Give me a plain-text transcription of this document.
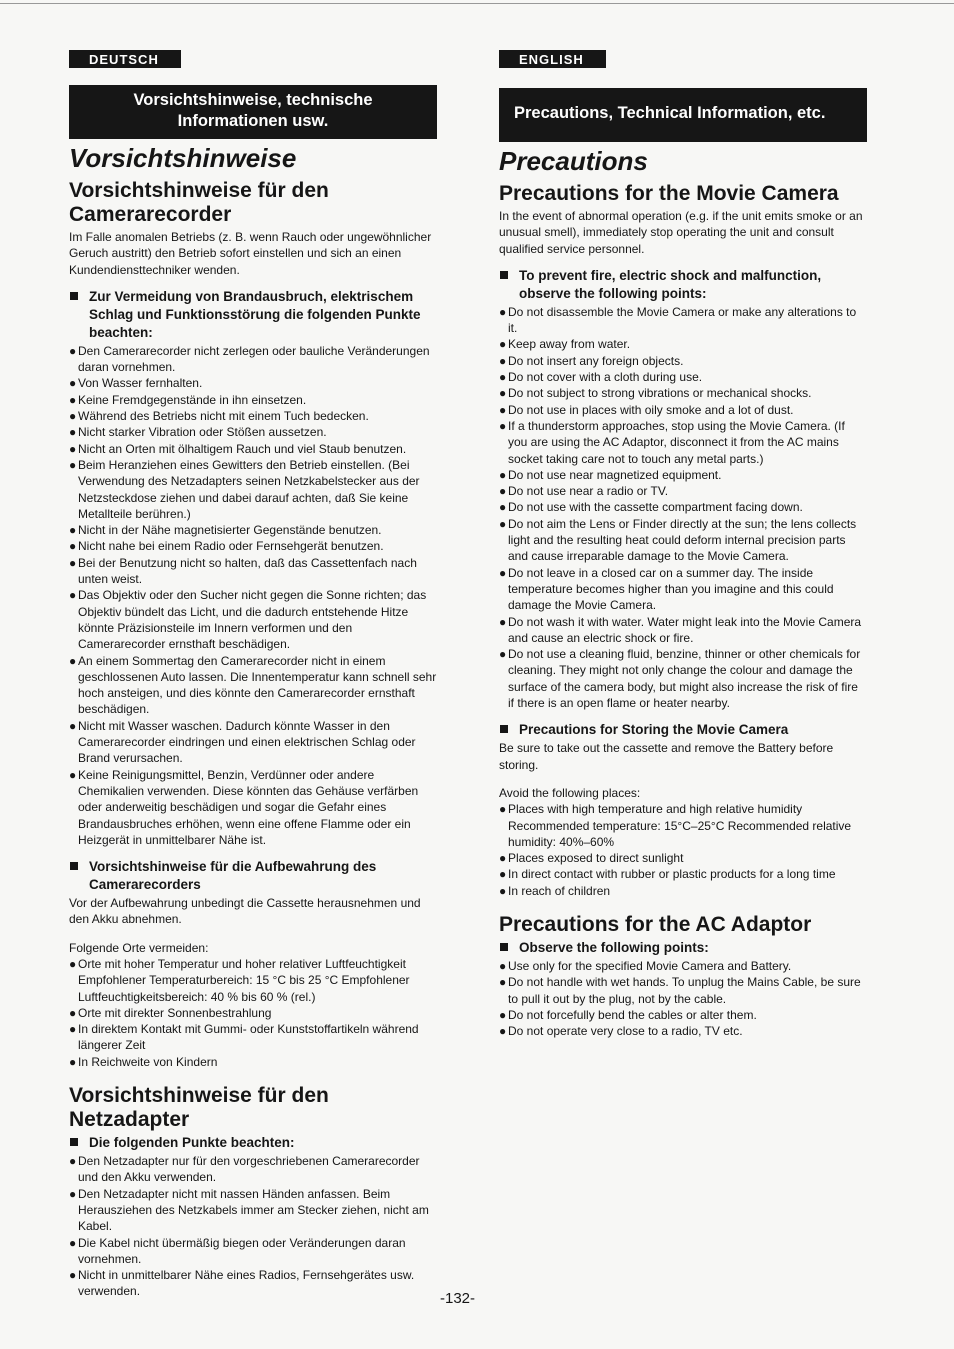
DEUTSCH
Vorsichtshinweise, technische Informationen usw.
Vorsichtshinweise
Vorsichtshinweise für den Camerarecorder

Im Falle anomalen Betriebs (z. B. wenn Rauch oder ungewöhnlicher Geruch austritt) den Betrieb sofort einstellen und sich an einen Kundendiensttechniker wenden.

Zur Vermeidung von Brandausbruch, elektrischem Schlag und Funktionsstörung die folgenden Punkte beachten:
● Den Camerarecorder nicht zerlegen oder bauliche Veränderungen daran vornehmen.
● Von Wasser fernhalten.
● Keine Fremdgegenstände in ihn einsetzen.
● Während des Betriebs nicht mit einem Tuch bedecken.
● Nicht starker Vibration oder Stößen aussetzen.
● Nicht an Orten mit ölhaltigem Rauch und viel Staub benutzen.
● Beim Heranziehen eines Gewitters den Betrieb einstellen. (Bei Verwendung des Netzadapters seinen Netzkabelstecker aus der Netzsteckdose ziehen und dabei darauf achten, daß Sie keine Metallteile berühren.)
● Nicht in der Nähe magnetisierter Gegenstände benutzen.
● Nicht nahe bei einem Radio oder Fernsehgerät benutzen.
● Bei der Benutzung nicht so halten, daß das Cassettenfach nach unten weist.
● Das Objektiv oder den Sucher nicht gegen die Sonne richten; das Objektiv bündelt das Licht, und die dadurch entstehende Hitze könnte Präzisionsteile im Innern verformen und den Camerarecorder ernsthaft beschädigen.
● An einem Sommertag den Camerarecorder nicht in einem geschlossenen Auto lassen. Die Innentemperatur kann schnell sehr hoch ansteigen, und dies könnte den Camerarecorder ernsthaft beschädigen.
● Nicht mit Wasser waschen. Dadurch könnte Wasser in den Camerarecorder eindringen und einen elektrischen Schlag oder Brand verursachen.
● Keine Reinigungsmittel, Benzin, Verdünner oder andere Chemikalien verwenden. Diese könnten das Gehäuse verfärben oder anderweitig beschädigen und sogar die Gefahr eines Brandausbruches erhöhen, wenn eine offene Flamme oder ein Heizgerät in unmittelbarer Nähe ist.
Vorsichtshinweise für die Aufbewahrung des Camerarecorders

Vor der Aufbewahrung unbedingt die Cassette herausnehmen und den Akku abnehmen.

Folgende Orte vermeiden:

● Orte mit hoher Temperatur und hoher relativer Luftfeuchtigkeit Empfohlener Temperaturbereich: 15 °C bis 25 °C Empfohlener Luftfeuchtigkeitsbereich: 40 % bis 60 % (rel.)
● Orte mit direkter Sonnenbestrahlung
● In direktem Kontakt mit Gummi- oder Kunststoffartikeln während längerer Zeit
● In Reichweite von Kindern
Vorsichtshinweise für den Netzadapter
Die folgenden Punkte beachten:
● Den Netzadapter nur für den vorgeschriebenen Camerarecorder und den Akku verwenden.
● Den Netzadapter nicht mit nassen Händen anfassen. Beim Herausziehen des Netzkabels immer am Stecker ziehen, nicht am Kabel.
● Die Kabel nicht übermäßig biegen oder Veränderungen daran vornehmen.
● Nicht in unmittelbarer Nähe eines Radios, Fernsehgerätes usw. verwenden.
ENGLISH
Precautions, Technical Information, etc.
Precautions
Precautions for the Movie Camera

In the event of abnormal operation (e.g. if the unit emits smoke or an unusual smell), immediately stop operating the unit and consult qualified service personnel.

To prevent fire, electric shock and malfunction, observe the following points:
● Do not disassemble the Movie Camera or make any alterations to it.
● Keep away from water.
● Do not insert any foreign objects.
● Do not cover with a cloth during use.
● Do not subject to strong vibrations or mechanical shocks.
● Do not use in places with oily smoke and a lot of dust.
● If a thunderstorm approaches, stop using the Movie Camera. (If you are using the AC Adaptor, disconnect it from the AC mains socket taking care not to touch any metal parts.)
● Do not use near magnetized equipment.
● Do not use near a radio or TV.
● Do not use with the cassette compartment facing down.
● Do not aim the Lens or Finder directly at the sun; the lens collects light and the resulting heat could deform internal precision parts and cause irreparable damage to the Movie Camera.
● Do not leave in a closed car on a summer day. The inside temperature becomes higher than you imagine and this could damage the Movie Camera.
● Do not wash it with water. Water might leak into the Movie Camera and cause an electric shock or fire.
● Do not use a cleaning fluid, benzine, thinner or other chemicals for cleaning. They might not only change the colour and damage the surface of the camera body, but might also increase the risk of fire if there is an open flame or heater nearby.
Precautions for Storing the Movie Camera

Be sure to take out the cassette and remove the Battery before storing.

Avoid the following places:

● Places with high temperature and high relative humidity Recommended temperature: 15°C–25°C Recommended relative humidity: 40%–60%
● Places exposed to direct sunlight
● In direct contact with rubber or plastic products for a long time
● In reach of children
Precautions for the AC Adaptor
Observe the following points:
● Use only for the specified Movie Camera and Battery.
● Do not handle with wet hands. To unplug the Mains Cable, be sure to pull it out by the plug, not by the cable.
● Do not forcefully bend the cables or alter them.
● Do not operate very close to a radio, TV etc.
-132-
